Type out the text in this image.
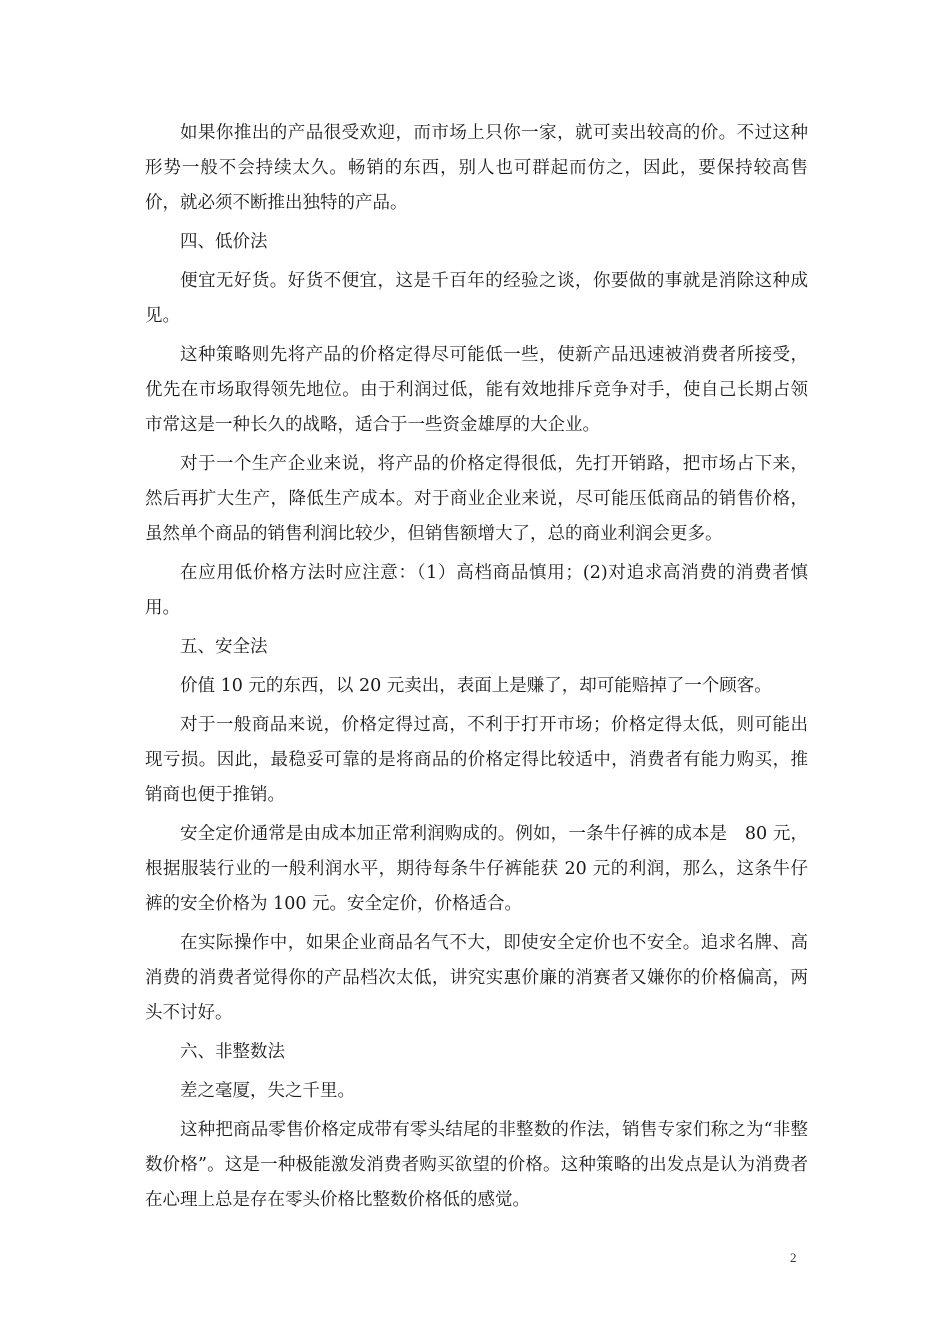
如果你推出的产品很受欢迎，而市场上只你一家，就可卖出较高的价。不过这种形势一般不会持续太久。畅销的东西，别人也可群起而仿之，因此，要保持较高售价，就必须不断推出独特的产品。

四、低价法

便宜无好货。好货不便宜，这是千百年的经验之谈，你要做的事就是消除这种成见。

这种策略则先将产品的价格定得尽可能低一些，使新产品迅速被消费者所接受，优先在市场取得领先地位。由于利润过低，能有效地排斥竞争对手，使自己长期占领市常这是一种长久的战略，适合于一些资金雄厚的大企业。

对于一个生产企业来说，将产品的价格定得很低，先打开销路，把市场占下来，然后再扩大生产，降低生产成本。对于商业企业来说，尽可能压低商品的销售价格，虽然单个商品的销售利润比较少，但销售额增大了，总的商业利润会更多。

在应用低价格方法时应注意：（1）高档商品慎用；(2)对追求高消费的消费者慎用。

五、安全法

价值 10 元的东西，以 20 元卖出，表面上是赚了，却可能赔掉了一个顾客。

对于一般商品来说，价格定得过高，不利于打开市场；价格定得太低，则可能出现亏损。因此，最稳妥可靠的是将商品的价格定得比较适中，消费者有能力购买，推销商也便于推销。

安全定价通常是由成本加正常利润购成的。例如，一条牛仔裤的成本是　80 元，根据服装行业的一般利润水平，期待每条牛仔裤能获 20 元的利润，那么，这条牛仔裤的安全价格为 100 元。安全定价，价格适合。

在实际操作中，如果企业商品名气不大，即使安全定价也不安全。追求名牌、高消费的消费者觉得你的产品档次太低，讲究实惠价廉的消赛者又嫌你的价格偏高，两头不讨好。

六、非整数法

差之毫厦，失之千里。

这种把商品零售价格定成带有零头结尾的非整数的作法，销售专家们称之为“非整数价格”。这是一种极能激发消费者购买欲望的价格。这种策略的出发点是认为消费者在心理上总是存在零头价格比整数价格低的感觉。

2
